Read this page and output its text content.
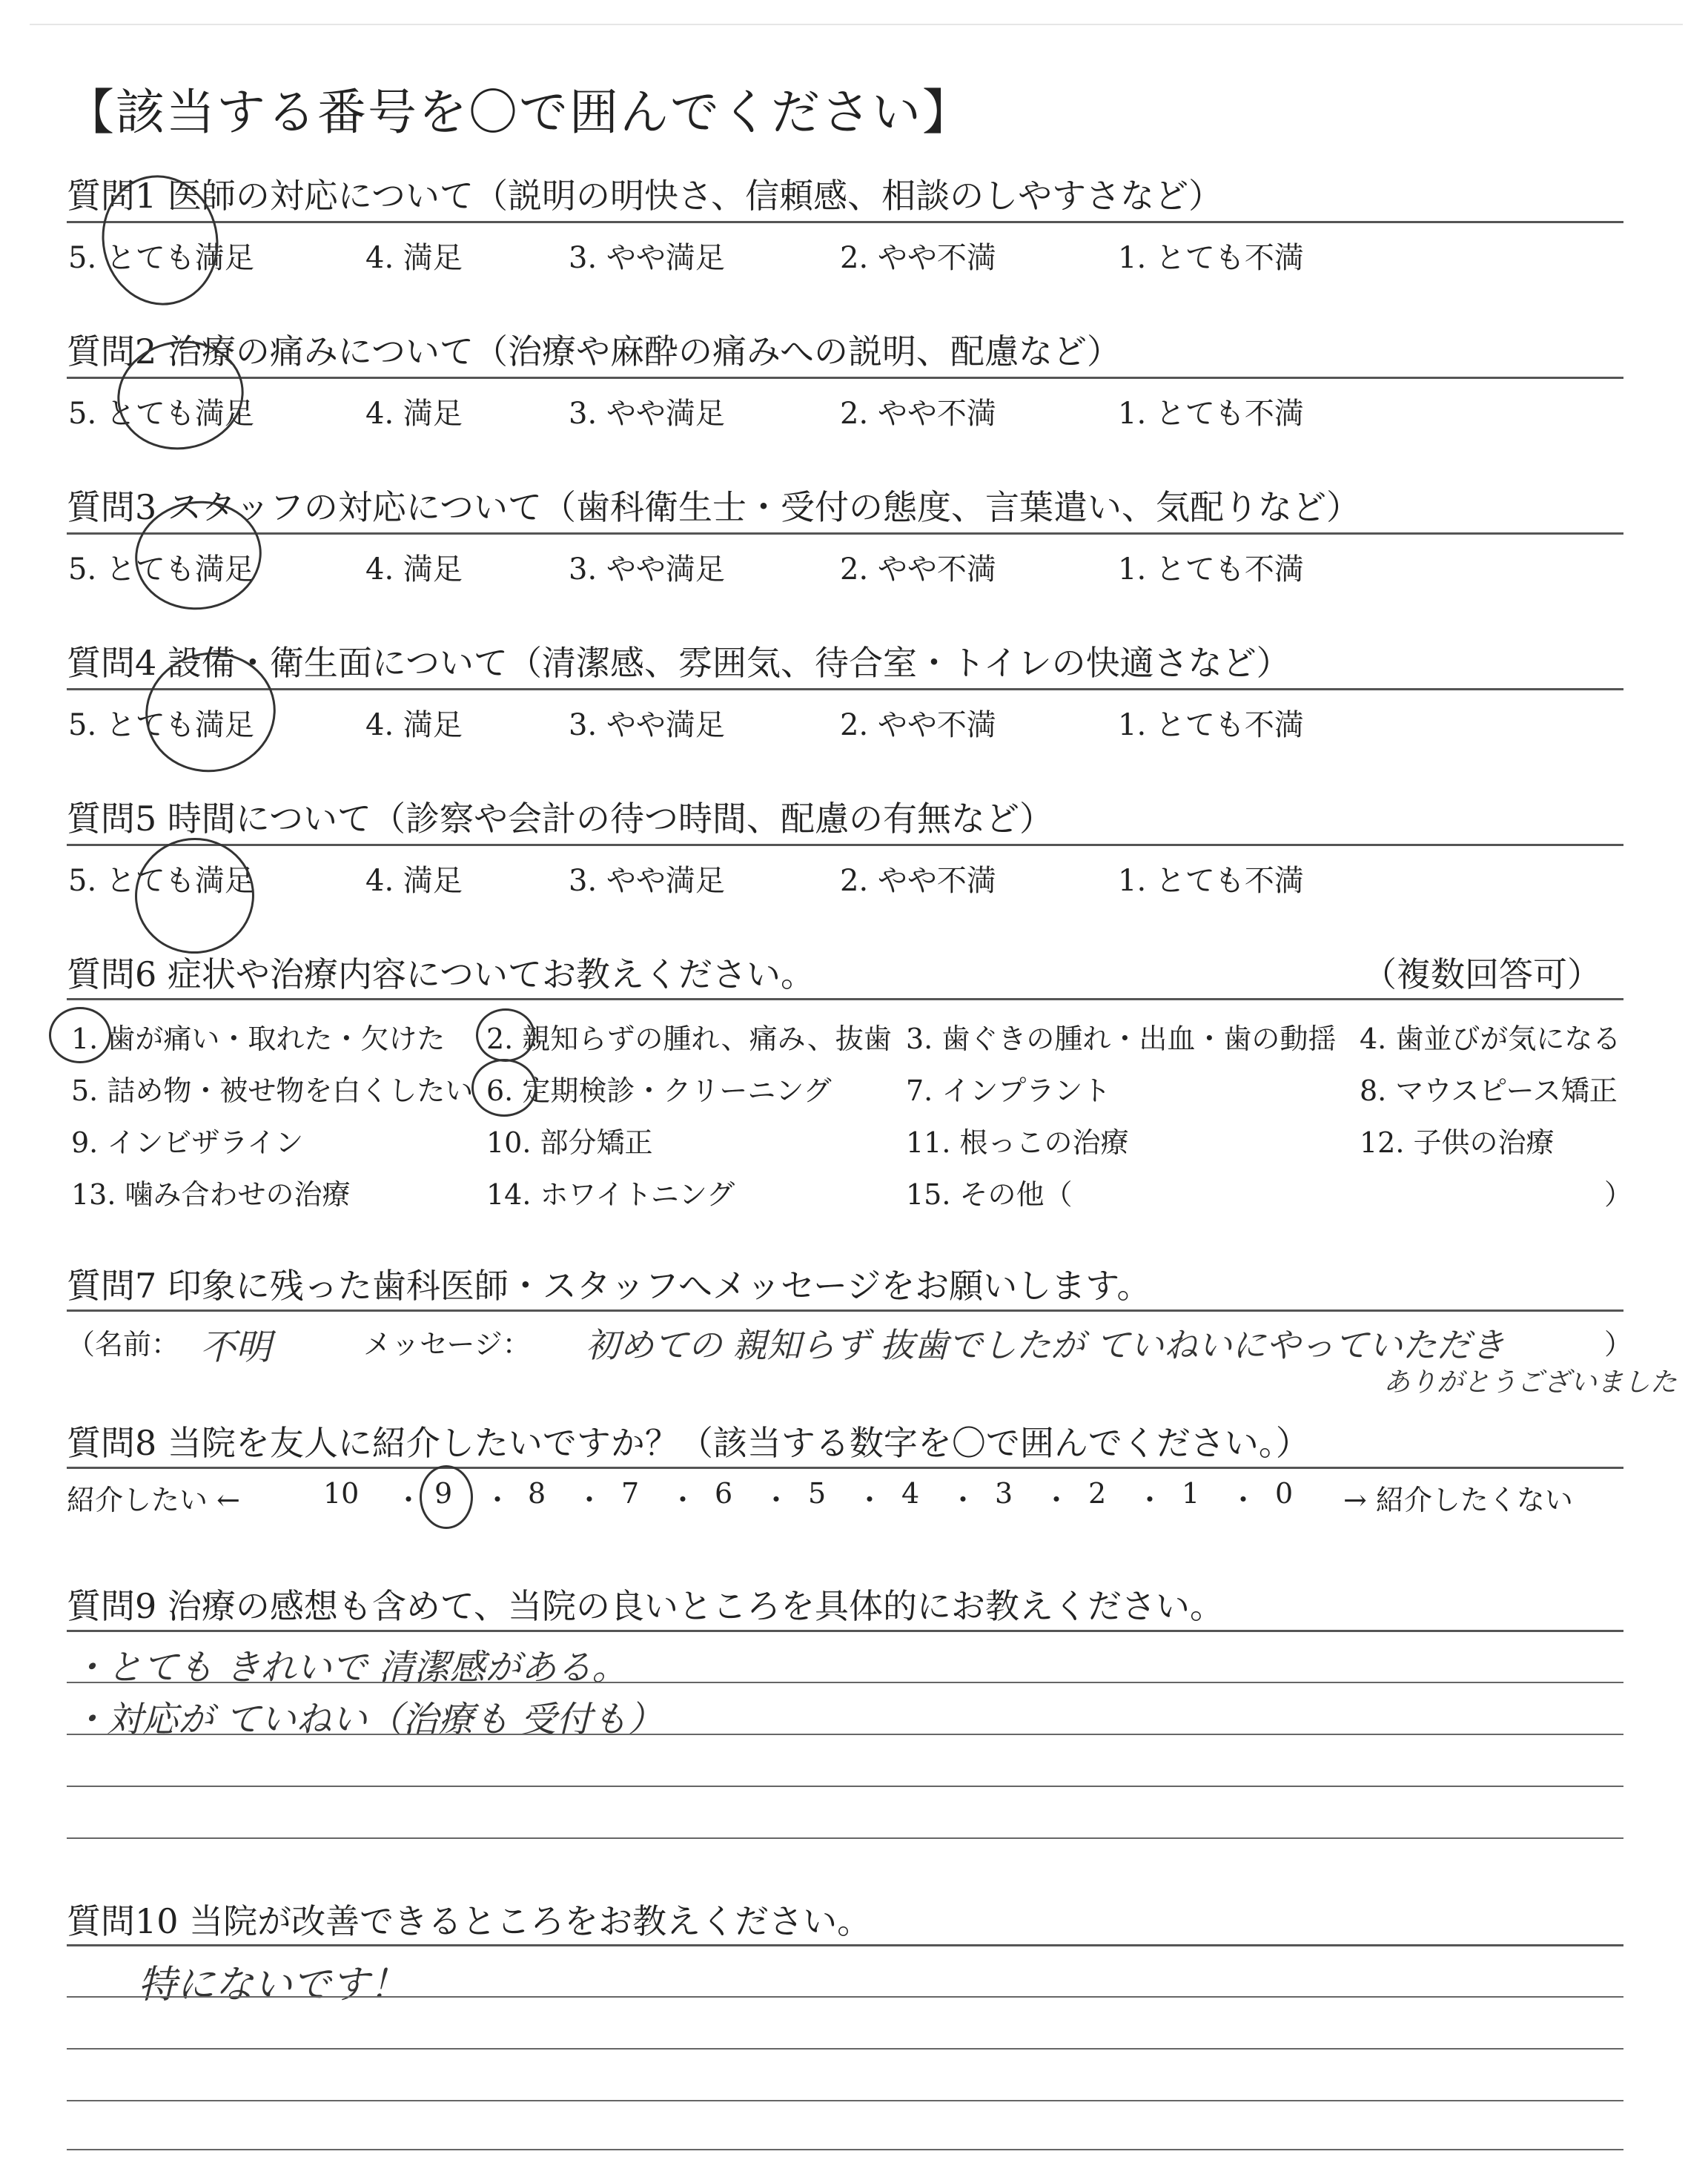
【該当する番号を〇で囲んでください】
質問1 医師の対応について（説明の明快さ、信頼感、相談のしやすさなど）
5. とても満足	4. 満足	3. やや満足	2. やや不満	1. とても不満
質問2 治療の痛みについて（治療や麻酔の痛みへの説明、配慮など）
5. とても満足	4. 満足	3. やや満足	2. やや不満	1. とても不満
質問3 スタッフの対応について（歯科衛生士・受付の態度、言葉遣い、気配りなど）
5. とても満足	4. 満足	3. やや満足	2. やや不満	1. とても不満
質問4 設備・衛生面について（清潔感、雰囲気、待合室・トイレの快適さなど）
5. とても満足	4. 満足	3. やや満足	2. やや不満	1. とても不満
質問5 時間について（診察や会計の待つ時間、配慮の有無など）
5. とても満足	4. 満足	3. やや満足	2. やや不満	1. とても不満
質問6 症状や治療内容についてお教えください。	（複数回答可）
1. 歯が痛い・取れた・欠けた 2. 親知らずの腫れ、痛み、抜歯 3. 歯ぐきの腫れ・出血・歯の動揺 4. 歯並びが気になる
5. 詰め物・被せ物を白くしたい 6. 定期検診・クリーニング	7. インプラント	8. マウスピース矯正
9. インビザライン	10. 部分矯正	11. 根っこの治療	12. 子供の治療
13. 噛み合わせの治療	14. ホワイトニング	15. その他（	）
質問7 印象に残った歯科医師・スタッフへメッセージをお願いします。
（名前： 不明	メッセージ： 初めての 親知らず 抜歯でしたが ていねいにやっていただき	）
ありがとうございました
質問8 当院を友人に紹介したいですか？（該当する数字を〇で囲んでください。）
紹介したい ←	→ 紹介したくない
10 ・ 9 ・ 8 ・ 7 ・ 6 ・ 5 ・ 4 ・ 3 ・ 2 ・ 1 ・ 0
質問9 治療の感想も含めて、当院の良いところを具体的にお教えください。
・とても きれいで 清潔感がある。
・対応が ていねい（治療も 受付も）
質問10 当院が改善できるところをお教えください。
特にないです！
